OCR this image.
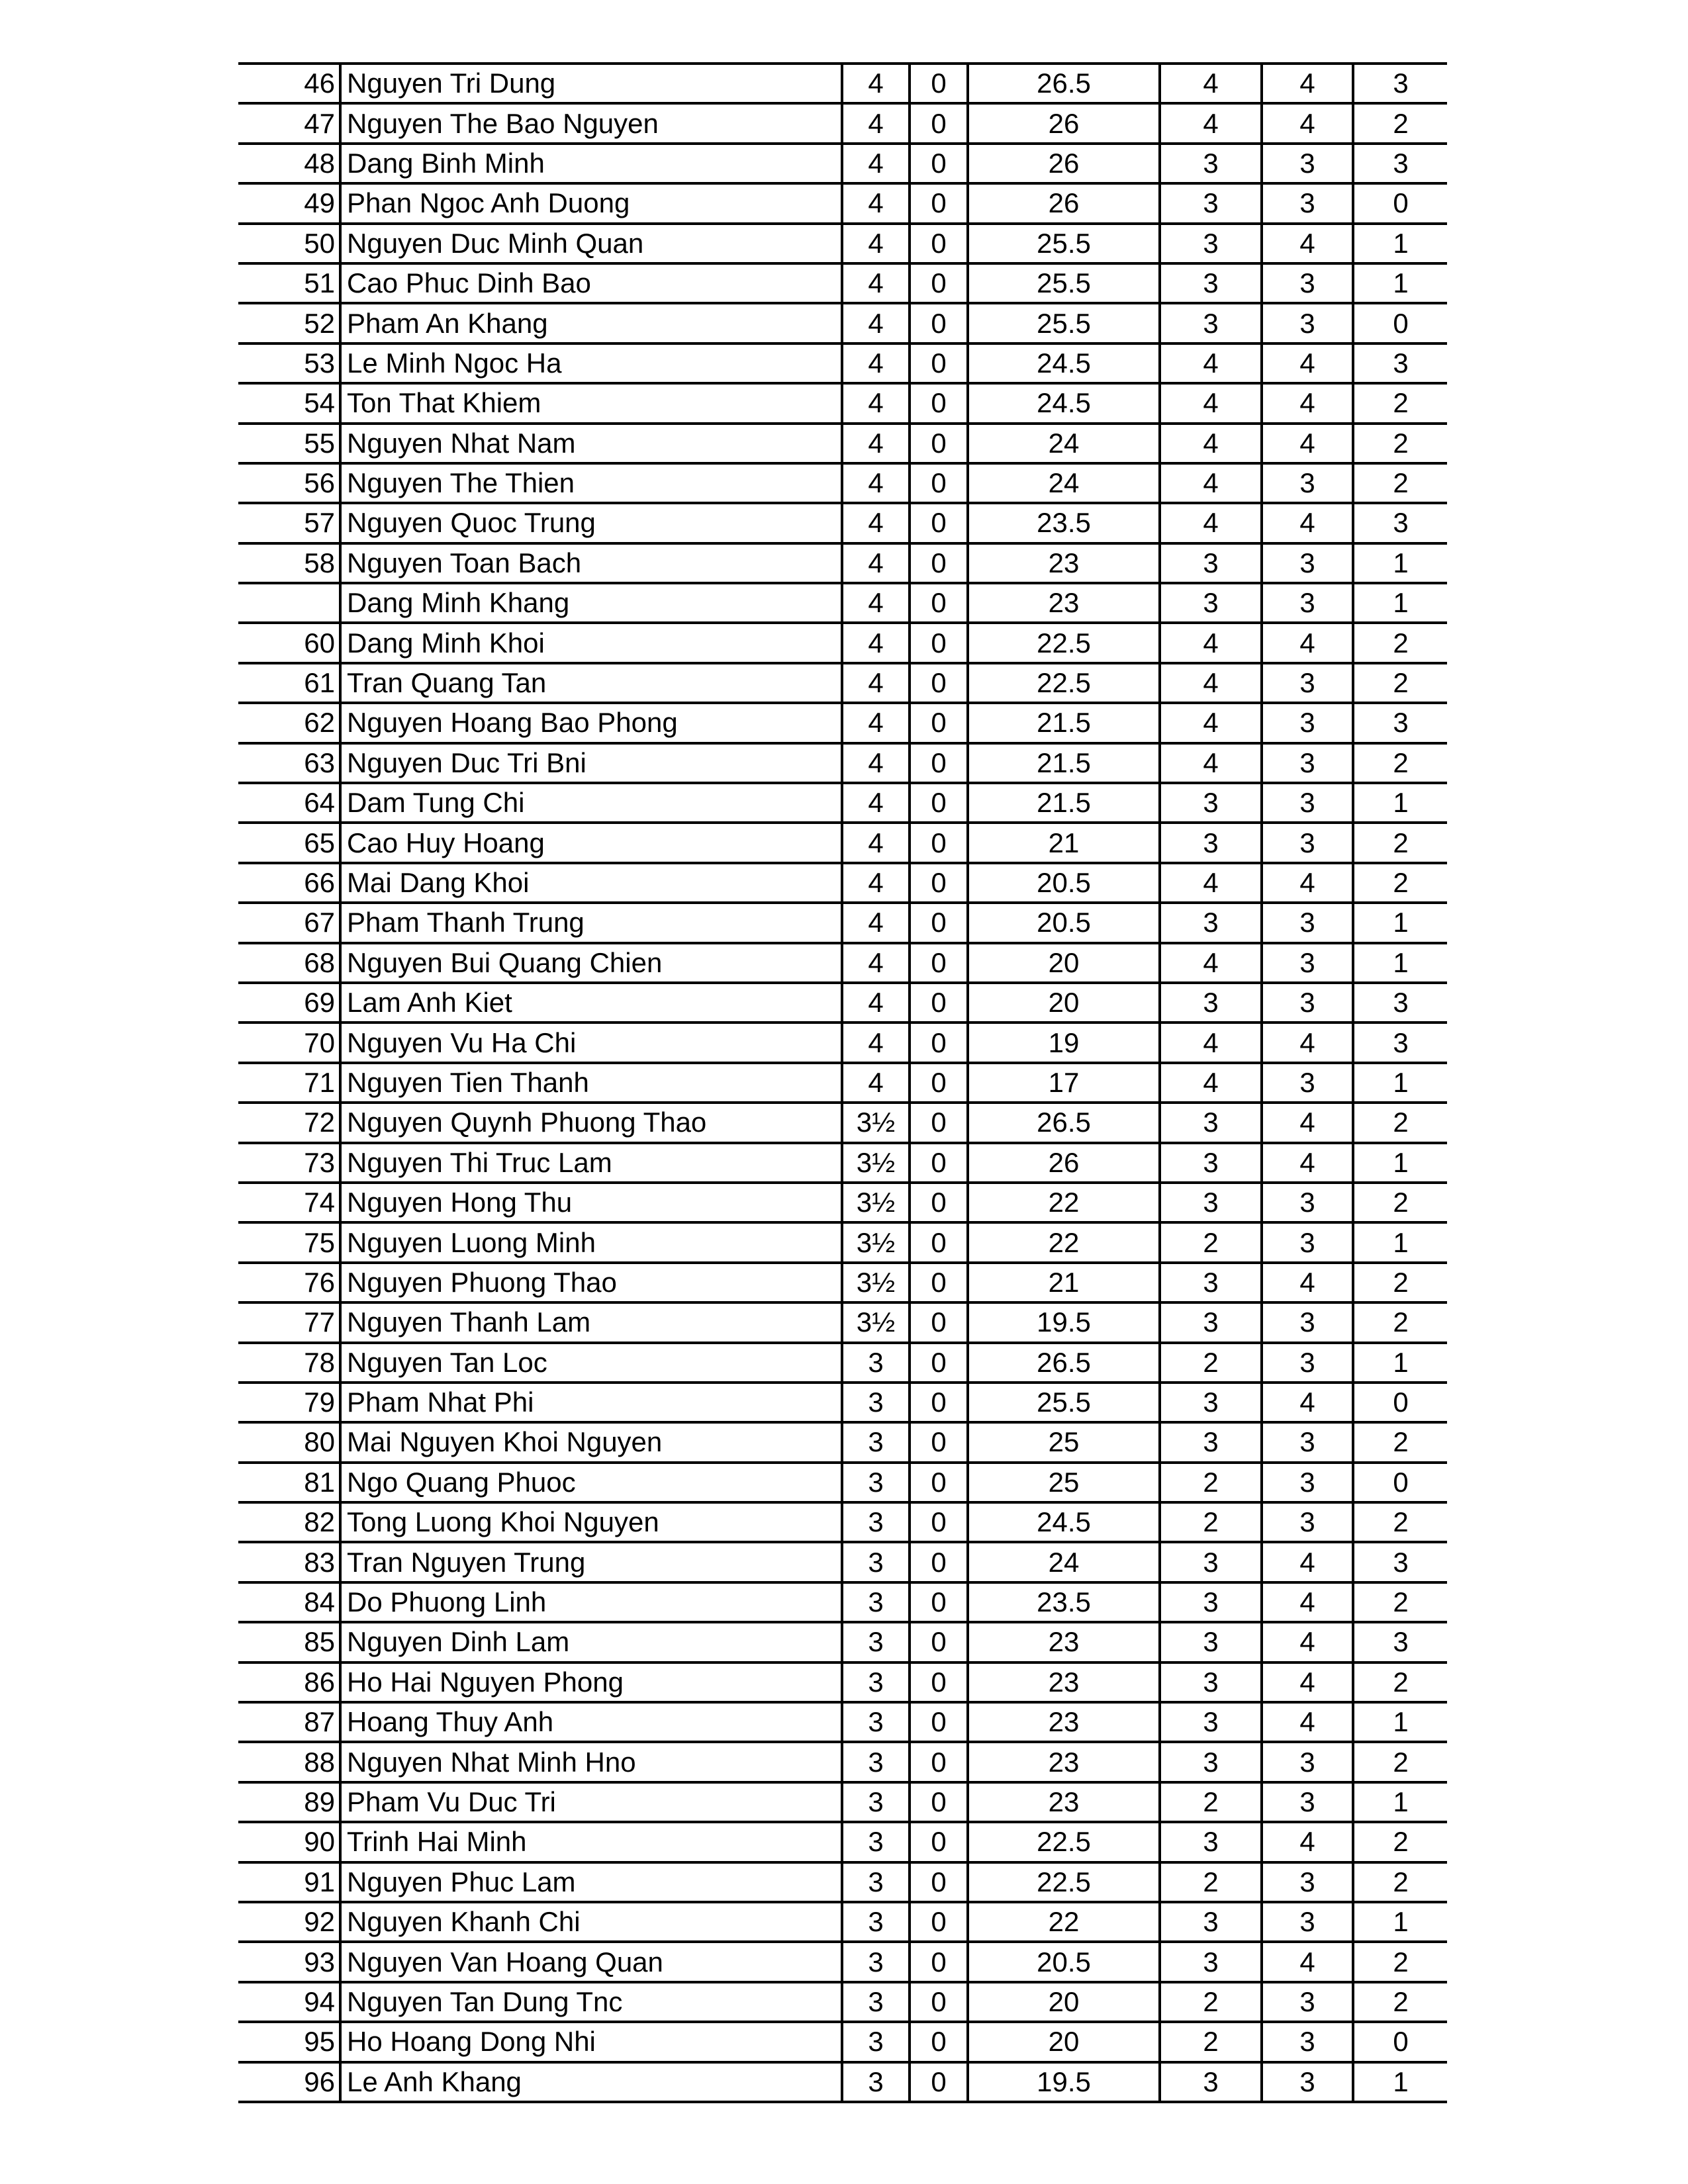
46	Nguyen Tri Dung	4	0	26.5	4	4	3
47	Nguyen The Bao Nguyen	4	0	26	4	4	2
48	Dang Binh Minh	4	0	26	3	3	3
49	Phan Ngoc Anh Duong	4	0	26	3	3	0
50	Nguyen Duc Minh Quan	4	0	25.5	3	4	1
51	Cao Phuc Dinh Bao	4	0	25.5	3	3	1
52	Pham An Khang	4	0	25.5	3	3	0
53	Le Minh Ngoc Ha	4	0	24.5	4	4	3
54	Ton That Khiem	4	0	24.5	4	4	2
55	Nguyen Nhat Nam	4	0	24	4	4	2
56	Nguyen The Thien	4	0	24	4	3	2
57	Nguyen Quoc Trung	4	0	23.5	4	4	3
58	Nguyen Toan Bach	4	0	23	3	3	1
	Dang Minh Khang	4	0	23	3	3	1
60	Dang Minh Khoi	4	0	22.5	4	4	2
61	Tran Quang Tan	4	0	22.5	4	3	2
62	Nguyen Hoang Bao Phong	4	0	21.5	4	3	3
63	Nguyen Duc Tri Bni	4	0	21.5	4	3	2
64	Dam Tung Chi	4	0	21.5	3	3	1
65	Cao Huy Hoang	4	0	21	3	3	2
66	Mai Dang Khoi	4	0	20.5	4	4	2
67	Pham Thanh Trung	4	0	20.5	3	3	1
68	Nguyen Bui Quang Chien	4	0	20	4	3	1
69	Lam Anh Kiet	4	0	20	3	3	3
70	Nguyen Vu Ha Chi	4	0	19	4	4	3
71	Nguyen Tien Thanh	4	0	17	4	3	1
72	Nguyen Quynh Phuong Thao	3½	0	26.5	3	4	2
73	Nguyen Thi Truc Lam	3½	0	26	3	4	1
74	Nguyen Hong Thu	3½	0	22	3	3	2
75	Nguyen Luong Minh	3½	0	22	2	3	1
76	Nguyen Phuong Thao	3½	0	21	3	4	2
77	Nguyen Thanh Lam	3½	0	19.5	3	3	2
78	Nguyen Tan Loc	3	0	26.5	2	3	1
79	Pham Nhat Phi	3	0	25.5	3	4	0
80	Mai Nguyen Khoi Nguyen	3	0	25	3	3	2
81	Ngo Quang Phuoc	3	0	25	2	3	0
82	Tong Luong Khoi Nguyen	3	0	24.5	2	3	2
83	Tran Nguyen Trung	3	0	24	3	4	3
84	Do Phuong Linh	3	0	23.5	3	4	2
85	Nguyen Dinh Lam	3	0	23	3	4	3
86	Ho Hai Nguyen Phong	3	0	23	3	4	2
87	Hoang Thuy Anh	3	0	23	3	4	1
88	Nguyen Nhat Minh Hno	3	0	23	3	3	2
89	Pham Vu Duc Tri	3	0	23	2	3	1
90	Trinh Hai Minh	3	0	22.5	3	4	2
91	Nguyen Phuc Lam	3	0	22.5	2	3	2
92	Nguyen Khanh Chi	3	0	22	3	3	1
93	Nguyen Van Hoang Quan	3	0	20.5	3	4	2
94	Nguyen Tan Dung Tnc	3	0	20	2	3	2
95	Ho Hoang Dong Nhi	3	0	20	2	3	0
96	Le Anh Khang	3	0	19.5	3	3	1
